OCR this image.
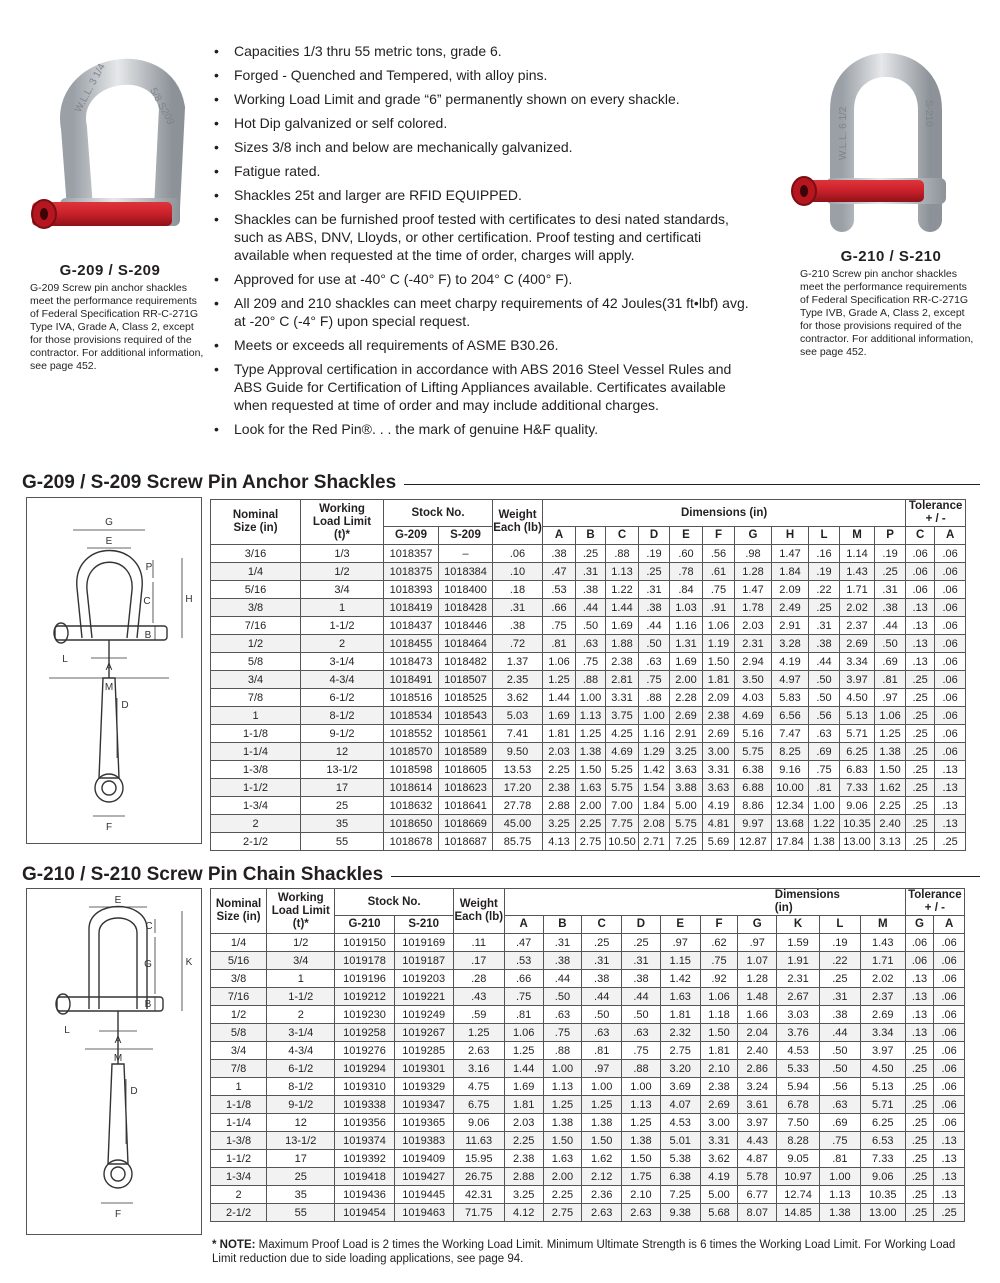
W.L.L. 3 1/4	5/8 S209
G-209 / S-209
G-209 Screw pin anchor shackles meet the performance requirements of Federal Specification RR-C-271G Type IVA, Grade A, Class 2, except for those provisions required of the contractor. For additional information, see page 452.
W.L.L. 6 1/2	S-210
G-210 / S-210
G-210 Screw pin anchor shackles meet the performance requirements of Federal Specification RR-C-271G Type IVB, Grade A, Class 2, except for those provisions required of the contractor. For additional information, see page 452.
• Capacities 1/3 thru 55 metric tons, grade 6.
• Forged - Quenched and Tempered, with alloy pins.
• Working Load Limit and grade “6” permanently shown on every shackle.
• Hot Dip galvanized or self colored.
• Sizes 3/8 inch and below are mechanically galvanized.
• Fatigue rated.
• Shackles 25t and larger are RFID EQUIPPED.
• Shackles can be furnished proof tested with certificates to desi nated standards, such as ABS, DNV, Lloyds, or other certification. Proof testing and certificati available when requested at the time of order, charges will apply.
• Approved for use at -40° C (-40° F) to 204° C (400° F).
• All 209 and 210 shackles can meet charpy requirements of 42 Joules(31 ft•lbf) avg. at -20° C (-4° F) upon special request.
• Meets or exceeds all requirements of ASME B30.26.
• Type Approval certification in accordance with ABS 2016 Steel Vessel Rules and ABS Guide for Certification of Lifting Appliances available. Certificates available when requested at time of order and may include additional charges.
• Look for the Red Pin®. . . the mark of genuine H&F quality.
G-209 / S-209 Screw Pin Anchor Shackles
G
E
P
C	H
B
L
A
M
D
F
Nominal Size (in)	Working Load Limit (t)*	Stock No.		Weight Each (lb)	Dimensions (in)											Tolerance + / -	

		G-209	S-209		A	B	C	D	E	F	G	H	L	M	P	C	A
3/16	1/3	1018357	–	.06	.38	.25	.88	.19	.60	.56	.98	1.47	.16	1.14	.19	.06	.06
1/4	1/2	1018375	1018384	.10	.47	.31	1.13	.25	.78	.61	1.28	1.84	.19	1.43	.25	.06	.06
5/16	3/4	1018393	1018400	.18	.53	.38	1.22	.31	.84	.75	1.47	2.09	.22	1.71	.31	.06	.06
3/8	1	1018419	1018428	.31	.66	.44	1.44	.38	1.03	.91	1.78	2.49	.25	2.02	.38	.13	.06
7/16	1-1/2	1018437	1018446	.38	.75	.50	1.69	.44	1.16	1.06	2.03	2.91	.31	2.37	.44	.13	.06
1/2	2	1018455	1018464	.72	.81	.63	1.88	.50	1.31	1.19	2.31	3.28	.38	2.69	.50	.13	.06
5/8	3-1/4	1018473	1018482	1.37	1.06	.75	2.38	.63	1.69	1.50	2.94	4.19	.44	3.34	.69	.13	.06
3/4	4-3/4	1018491	1018507	2.35	1.25	.88	2.81	.75	2.00	1.81	3.50	4.97	.50	3.97	.81	.25	.06
7/8	6-1/2	1018516	1018525	3.62	1.44	1.00	3.31	.88	2.28	2.09	4.03	5.83	.50	4.50	.97	.25	.06
1	8-1/2	1018534	1018543	5.03	1.69	1.13	3.75	1.00	2.69	2.38	4.69	6.56	.56	5.13	1.06	.25	.06
1-1/8	9-1/2	1018552	1018561	7.41	1.81	1.25	4.25	1.16	2.91	2.69	5.16	7.47	.63	5.71	1.25	.25	.06
1-1/4	12	1018570	1018589	9.50	2.03	1.38	4.69	1.29	3.25	3.00	5.75	8.25	.69	6.25	1.38	.25	.06
1-3/8	13-1/2	1018598	1018605	13.53	2.25	1.50	5.25	1.42	3.63	3.31	6.38	9.16	.75	6.83	1.50	.25	.13
1-1/2	17	1018614	1018623	17.20	2.38	1.63	5.75	1.54	3.88	3.63	6.88	10.00	.81	7.33	1.62	.25	.13
1-3/4	25	1018632	1018641	27.78	2.88	2.00	7.00	1.84	5.00	4.19	8.86	12.34	1.00	9.06	2.25	.25	.13
2	35	1018650	1018669	45.00	3.25	2.25	7.75	2.08	5.75	4.81	9.97	13.68	1.22	10.35	2.40	.25	.13
2-1/2	55	1018678	1018687	85.75	4.13	2.75	10.50	2.71	7.25	5.69	12.87	17.84	1.38	13.00	3.13	.25	.25
G-210 / S-210 Screw Pin Chain Shackles
E
C
G	K
B
L
A
M
D
F
Nominal Size (in)	Working Load Limit (t)*	Stock No.		Weight Each (lb)	Dimensions (in)										Tolerance + / -	

		G-210	S-210		A	B	C	D	E	F	G	K	L	M	G	A
1/4	1/2	1019150	1019169	.11	.47	.31	.25	.25	.97	.62	.97	1.59	.19	1.43	.06	.06
5/16	3/4	1019178	1019187	.17	.53	.38	.31	.31	1.15	.75	1.07	1.91	.22	1.71	.06	.06
3/8	1	1019196	1019203	.28	.66	.44	.38	.38	1.42	.92	1.28	2.31	.25	2.02	.13	.06
7/16	1-1/2	1019212	1019221	.43	.75	.50	.44	.44	1.63	1.06	1.48	2.67	.31	2.37	.13	.06
1/2	2	1019230	1019249	.59	.81	.63	.50	.50	1.81	1.18	1.66	3.03	.38	2.69	.13	.06
5/8	3-1/4	1019258	1019267	1.25	1.06	.75	.63	.63	2.32	1.50	2.04	3.76	.44	3.34	.13	.06
3/4	4-3/4	1019276	1019285	2.63	1.25	.88	.81	.75	2.75	1.81	2.40	4.53	.50	3.97	.25	.06
7/8	6-1/2	1019294	1019301	3.16	1.44	1.00	.97	.88	3.20	2.10	2.86	5.33	.50	4.50	.25	.06
1	8-1/2	1019310	1019329	4.75	1.69	1.13	1.00	1.00	3.69	2.38	3.24	5.94	.56	5.13	.25	.06
1-1/8	9-1/2	1019338	1019347	6.75	1.81	1.25	1.25	1.13	4.07	2.69	3.61	6.78	.63	5.71	.25	.06
1-1/4	12	1019356	1019365	9.06	2.03	1.38	1.38	1.25	4.53	3.00	3.97	7.50	.69	6.25	.25	.06
1-3/8	13-1/2	1019374	1019383	11.63	2.25	1.50	1.50	1.38	5.01	3.31	4.43	8.28	.75	6.53	.25	.13
1-1/2	17	1019392	1019409	15.95	2.38	1.63	1.62	1.50	5.38	3.62	4.87	9.05	.81	7.33	.25	.13
1-3/4	25	1019418	1019427	26.75	2.88	2.00	2.12	1.75	6.38	4.19	5.78	10.97	1.00	9.06	.25	.13
2	35	1019436	1019445	42.31	3.25	2.25	2.36	2.10	7.25	5.00	6.77	12.74	1.13	10.35	.25	.13
2-1/2	55	1019454	1019463	71.75	4.12	2.75	2.63	2.63	9.38	5.68	8.07	14.85	1.38	13.00	.25	.25
* NOTE: Maximum Proof Load is 2 times the Working Load Limit. Minimum Ultimate Strength is 6 times the Working Load Limit. For Working Load Limit reduction due to side loading applications, see page 94.
